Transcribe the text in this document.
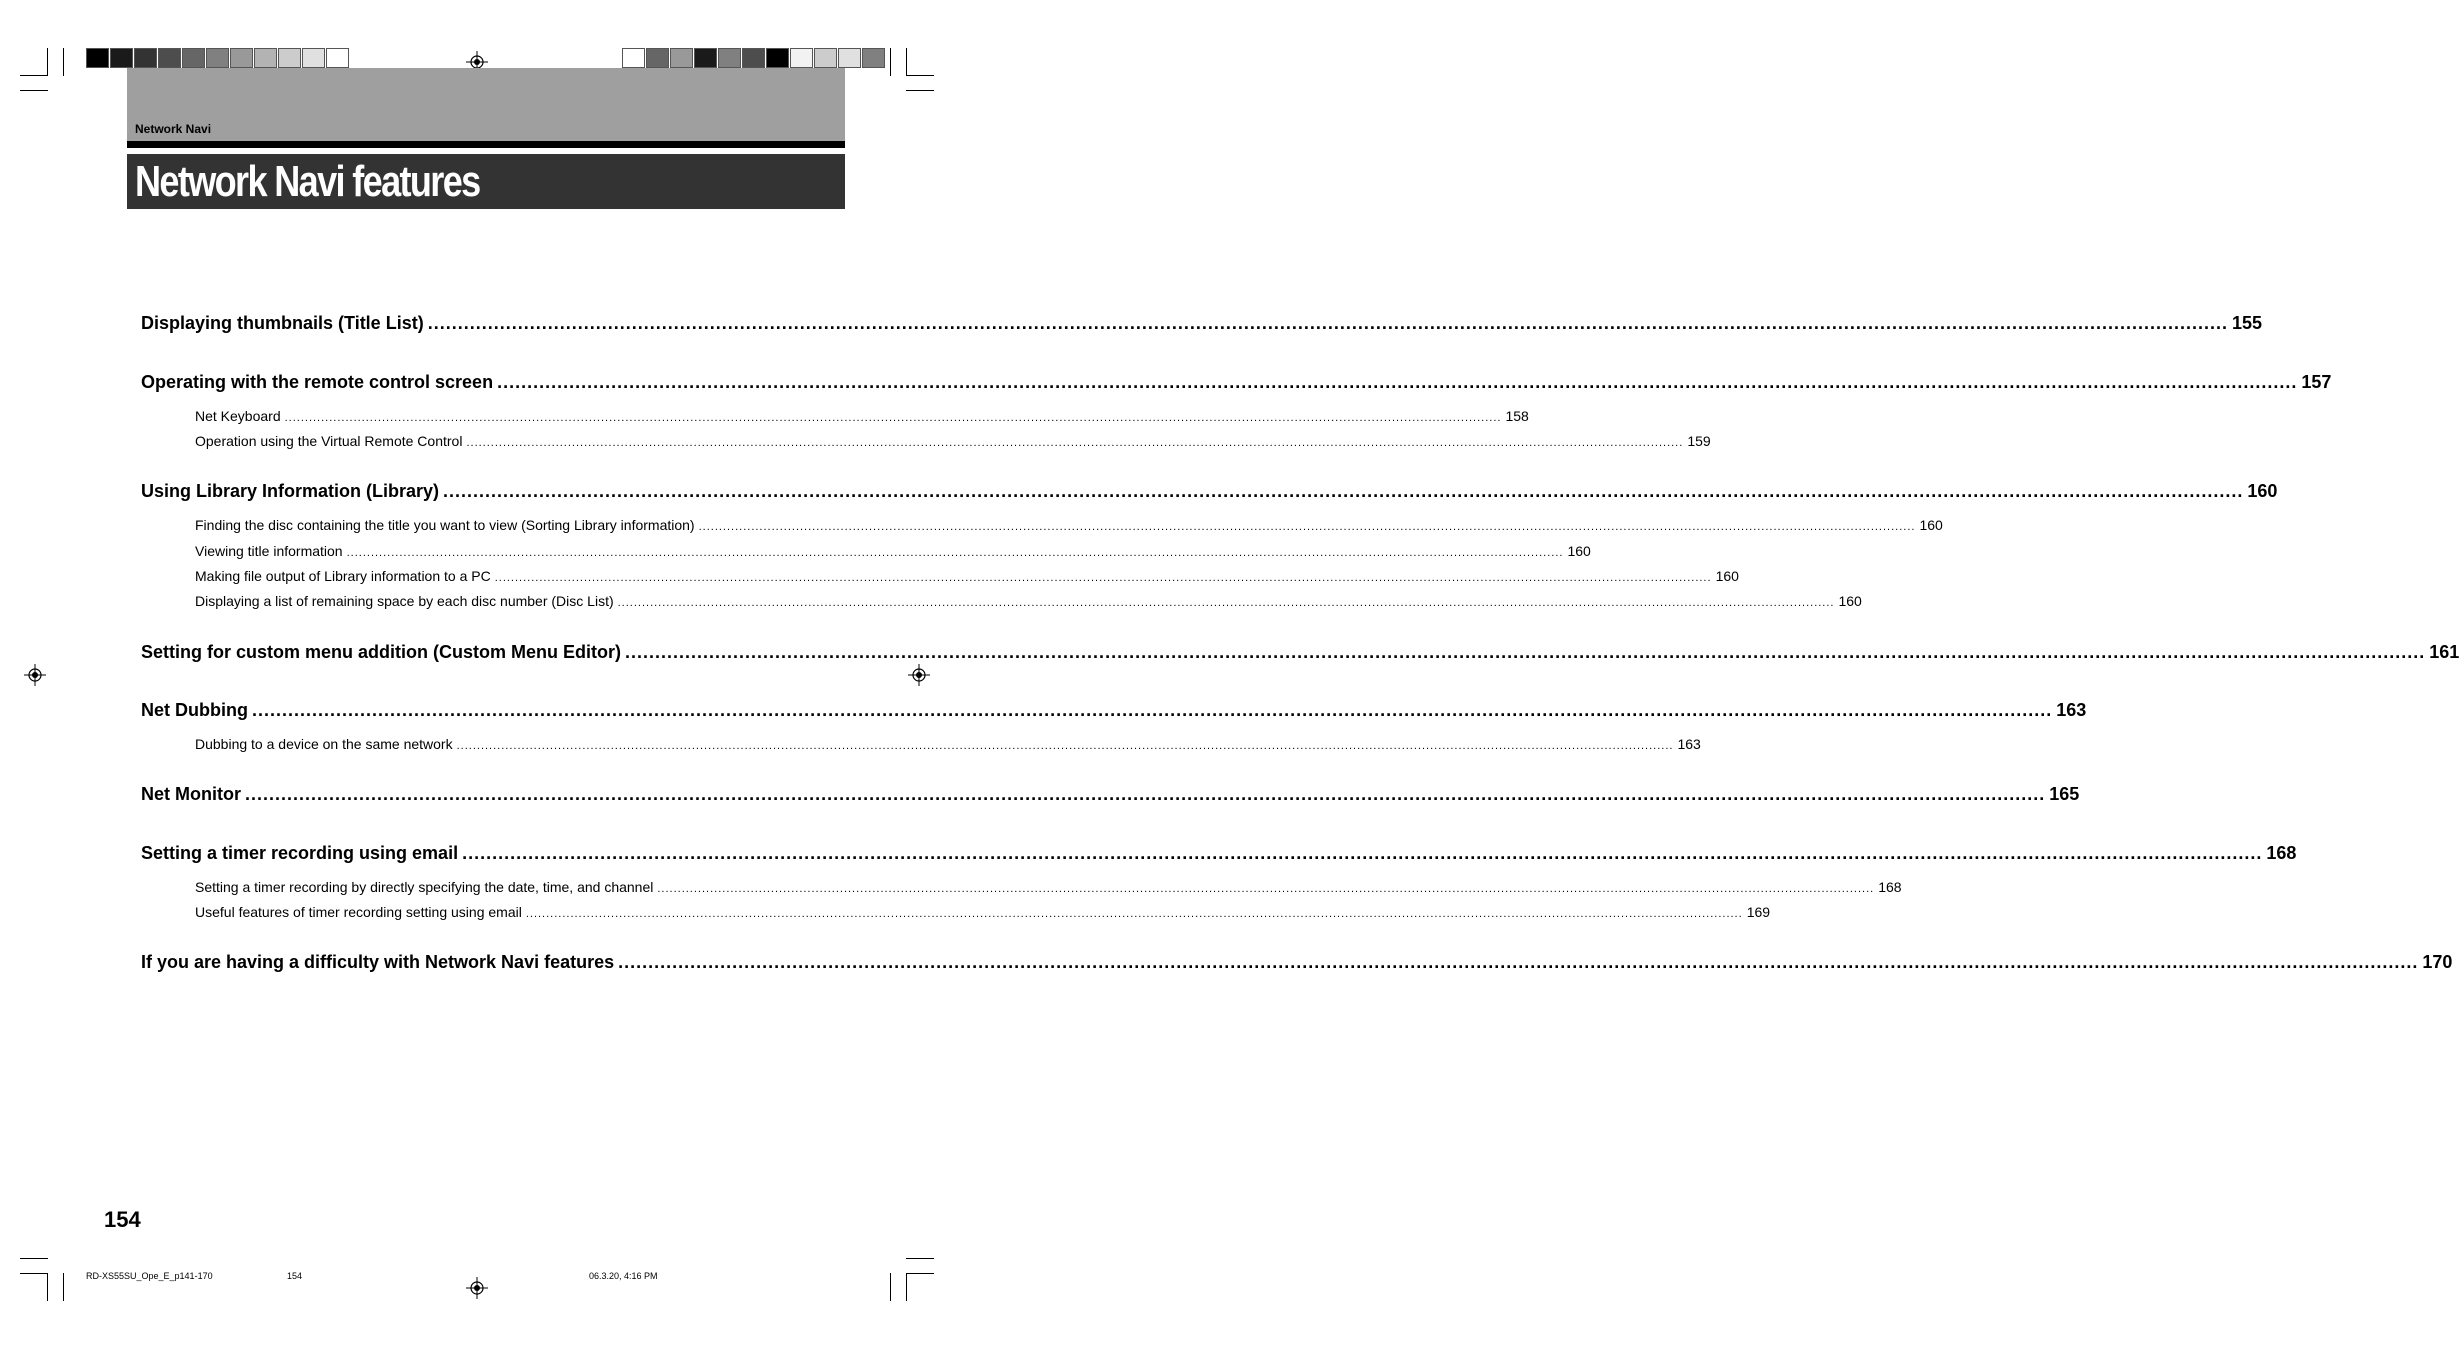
Network Navi
Network Navi features
Displaying thumbnails (Title List) ............................................................................................................................................................................................................................................................................................................ 155
Operating with the remote control screen ............................................................................................................................................................................................................................................................................................................ 157
Net Keyboard ............................................................................................................................................................................................................................................................................................................ 158
Operation using the Virtual Remote Control ............................................................................................................................................................................................................................................................................................................ 159
Using Library Information (Library) ............................................................................................................................................................................................................................................................................................................ 160
Finding the disc containing the title you want to view (Sorting Library information) ............................................................................................................................................................................................................................................................................................................ 160
Viewing title information ............................................................................................................................................................................................................................................................................................................ 160
Making file output of Library information to a PC ............................................................................................................................................................................................................................................................................................................ 160
Displaying a list of remaining space by each disc number (Disc List) ............................................................................................................................................................................................................................................................................................................ 160
Setting for custom menu addition (Custom Menu Editor) ............................................................................................................................................................................................................................................................................................................ 161
Net Dubbing ............................................................................................................................................................................................................................................................................................................ 163
Dubbing to a device on the same network ............................................................................................................................................................................................................................................................................................................ 163
Net Monitor ............................................................................................................................................................................................................................................................................................................ 165
Setting a timer recording using email ............................................................................................................................................................................................................................................................................................................ 168
Setting a timer recording by directly specifying the date, time, and channel ............................................................................................................................................................................................................................................................................................................ 168
Useful features of timer recording setting using email ............................................................................................................................................................................................................................................................................................................ 169
If you are having a difficulty with Network Navi features ............................................................................................................................................................................................................................................................................................................ 170
154
RD-XS55SU_Ope_E_p141-170	154	06.3.20, 4:16 PM
